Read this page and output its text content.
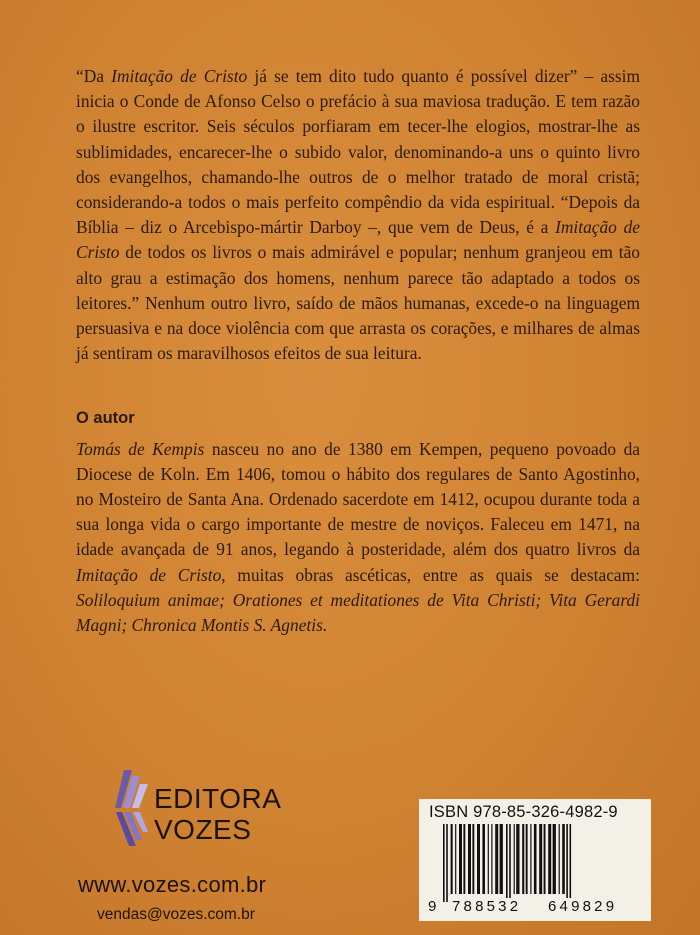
“Da Imitação de Cristo já se tem dito tudo quanto é possível dizer” – assim inicia o Conde de Afonso Celso o prefácio à sua maviosa tradução. E tem razão o ilustre escritor. Seis séculos porfiaram em tecer-lhe elogios, mostrar-lhe as sublimidades, encarecer-lhe o subido valor, denominando-a uns o quinto livro dos evangelhos, chamando-lhe outros de o melhor tratado de moral cristã; considerando-a todos o mais perfeito compêndio da vida espiritual. “Depois da Bíblia – diz o Arcebispo-mártir Darboy –, que vem de Deus, é a Imitação de Cristo de todos os livros o mais admirável e popular; nenhum granjeou em tão alto grau a estimação dos homens, nenhum parece tão adaptado a todos os leitores.” Nenhum outro livro, saído de mãos humanas, excede-o na linguagem persuasiva e na doce violência com que arrasta os corações, e milhares de almas já sentiram os maravilhosos efeitos de sua leitura.

O autor

Tomás de Kempis nasceu no ano de 1380 em Kempen, pequeno povoado da Diocese de Koln. Em 1406, tomou o hábito dos regulares de Santo Agostinho, no Mosteiro de Santa Ana. Ordenado sacerdote em 1412, ocupou durante toda a sua longa vida o cargo importante de mestre de noviços. Faleceu em 1471, na idade avançada de 91 anos, legando à posteridade, além dos quatro livros da Imitação de Cristo, muitas obras ascéticas, entre as quais se destacam: Soliloquium animae; Orationes et meditationes de Vita Christi; Vita Gerardi Magni; Chronica Montis S. Agnetis.

EDITORA
VOZES
www.vozes.com.br
vendas@vozes.com.br
ISBN 978-85-326-4982-9
9 788532 649829
